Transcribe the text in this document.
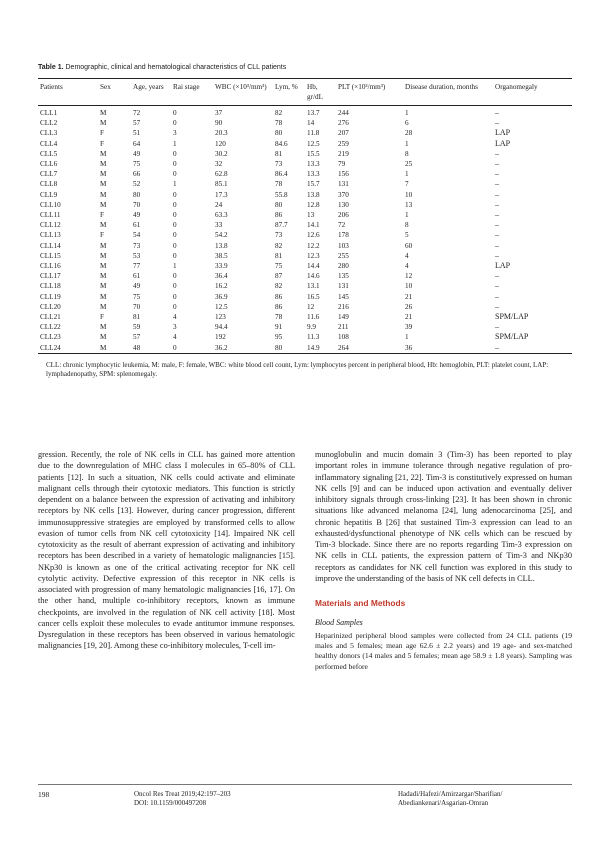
Table 1. Demographic, clinical and hematological characteristics of CLL patients
Patients	Sex	Age, years	Rai stage	WBC (×10³/mm³)	Lym, %	Hb, gr/dL	PLT (×10³/mm³)	Disease duration, months	Organomegaly
CLL1	M	72	0	37	82	13.7	244	1	–
CLL2	M	57	0	90	78	14	276	6	–
CLL3	F	51	3	20.3	80	11.8	207	28	LAP
CLL4	F	64	1	120	84.6	12.5	259	1	LAP
CLL5	M	49	0	30.2	81	15.5	219	8	–
CLL6	M	75	0	32	73	13.3	79	25	–
CLL7	M	66	0	62.8	86.4	13.3	156	1	–
CLL8	M	52	1	85.1	78	15.7	131	7	–
CLL9	M	80	0	17.3	55.8	13.8	370	10	–
CLL10	M	70	0	24	80	12.8	130	13	–
CLL11	F	49	0	63.3	86	13	206	1	–
CLL12	M	61	0	33	87.7	14.1	72	8	–
CLL13	F	54	0	54.2	73	12.6	178	5	–
CLL14	M	73	0	13.8	82	12.2	103	60	–
CLL15	M	53	0	38.5	81	12.3	255	4	–
CLL16	M	77	1	33.9	75	14.4	280	4	LAP
CLL17	M	61	0	36.4	87	14.6	135	12	–
CLL18	M	49	0	16.2	82	13.1	131	10	–
CLL19	M	75	0	36.9	86	16.5	145	21	–
CLL20	M	70	0	12.5	86	12	216	26	–
CLL21	F	81	4	123	78	11.6	149	21	SPM/LAP
CLL22	M	59	3	94.4	91	9.9	211	39	–
CLL23	M	57	4	192	95	11.3	108	1	SPM/LAP
CLL24	M	48	0	36.2	80	14.9	264	36	–
CLL: chronic lymphocytic leukemia, M: male, F: female, WBC: white blood cell count, Lym: lymphocytes percent in peripheral blood, Hb: hemoglobin, PLT: platelet count, LAP: lymphadenopathy, SPM: splenomegaly.

gression. Recently, the role of NK cells in CLL has gained more attention due to the downregulation of MHC class I molecules in 65–80% of CLL patients [12]. In such a situation, NK cells could activate and eliminate malignant cells through their cytotoxic mediators. This function is strictly dependent on a balance between the expression of activating and inhibitory receptors by NK cells [13]. However, during cancer progression, different immunosuppressive strategies are employed by transformed cells to allow evasion of tumor cells from NK cell cytotoxicity [14]. Impaired NK cell cytotoxicity as the result of aberrant expression of activating and inhibitory receptors has been described in a variety of hematologic malignancies [15]. NKp30 is known as one of the critical activating receptor for NK cell cytolytic activity. Defective expression of this receptor in NK cells is associated with progression of many hematologic malignancies [16, 17]. On the other hand, multiple co-inhibitory receptors, known as immune checkpoints, are involved in the regulation of NK cell activity [18]. Most cancer cells exploit these molecules to evade antitumor immune responses. Dysregulation in these receptors has been observed in various hematologic malignancies [19, 20]. Among these co-inhibitory molecules, T-cell im-

munoglobulin and mucin domain 3 (Tim-3) has been reported to play important roles in immune tolerance through negative regulation of pro-inflammatory signaling [21, 22]. Tim-3 is constitutively expressed on human NK cells [9] and can be induced upon activation and eventually deliver inhibitory signals through cross-linking [23]. It has been shown in chronic situations like advanced melanoma [24], lung adenocarcinoma [25], and chronic hepatitis B [26] that sustained Tim-3 expression can lead to an exhausted/dysfunctional phenotype of NK cells which can be rescued by Tim-3 blockade. Since there are no reports regarding Tim-3 expression on NK cells in CLL patients, the expression pattern of Tim-3 and NKp30 receptors as candidates for NK cell function was explored in this study to improve the understanding of the basis of NK cell defects in CLL.

Materials and Methods

Blood Samples

Heparinized peripheral blood samples were collected from 24 CLL patients (19 males and 5 females; mean age 62.6 ± 2.2 years) and 19 age- and sex-matched healthy donors (14 males and 5 females; mean age 58.9 ± 1.8 years). Sampling was performed before

198	Oncol Res Treat 2019;42:197–203
DOI: 10.1159/000497208
Hadadi/Hafezi/Amirzargar/Sharifian/
Abediankenari/Asgarian-Omran
